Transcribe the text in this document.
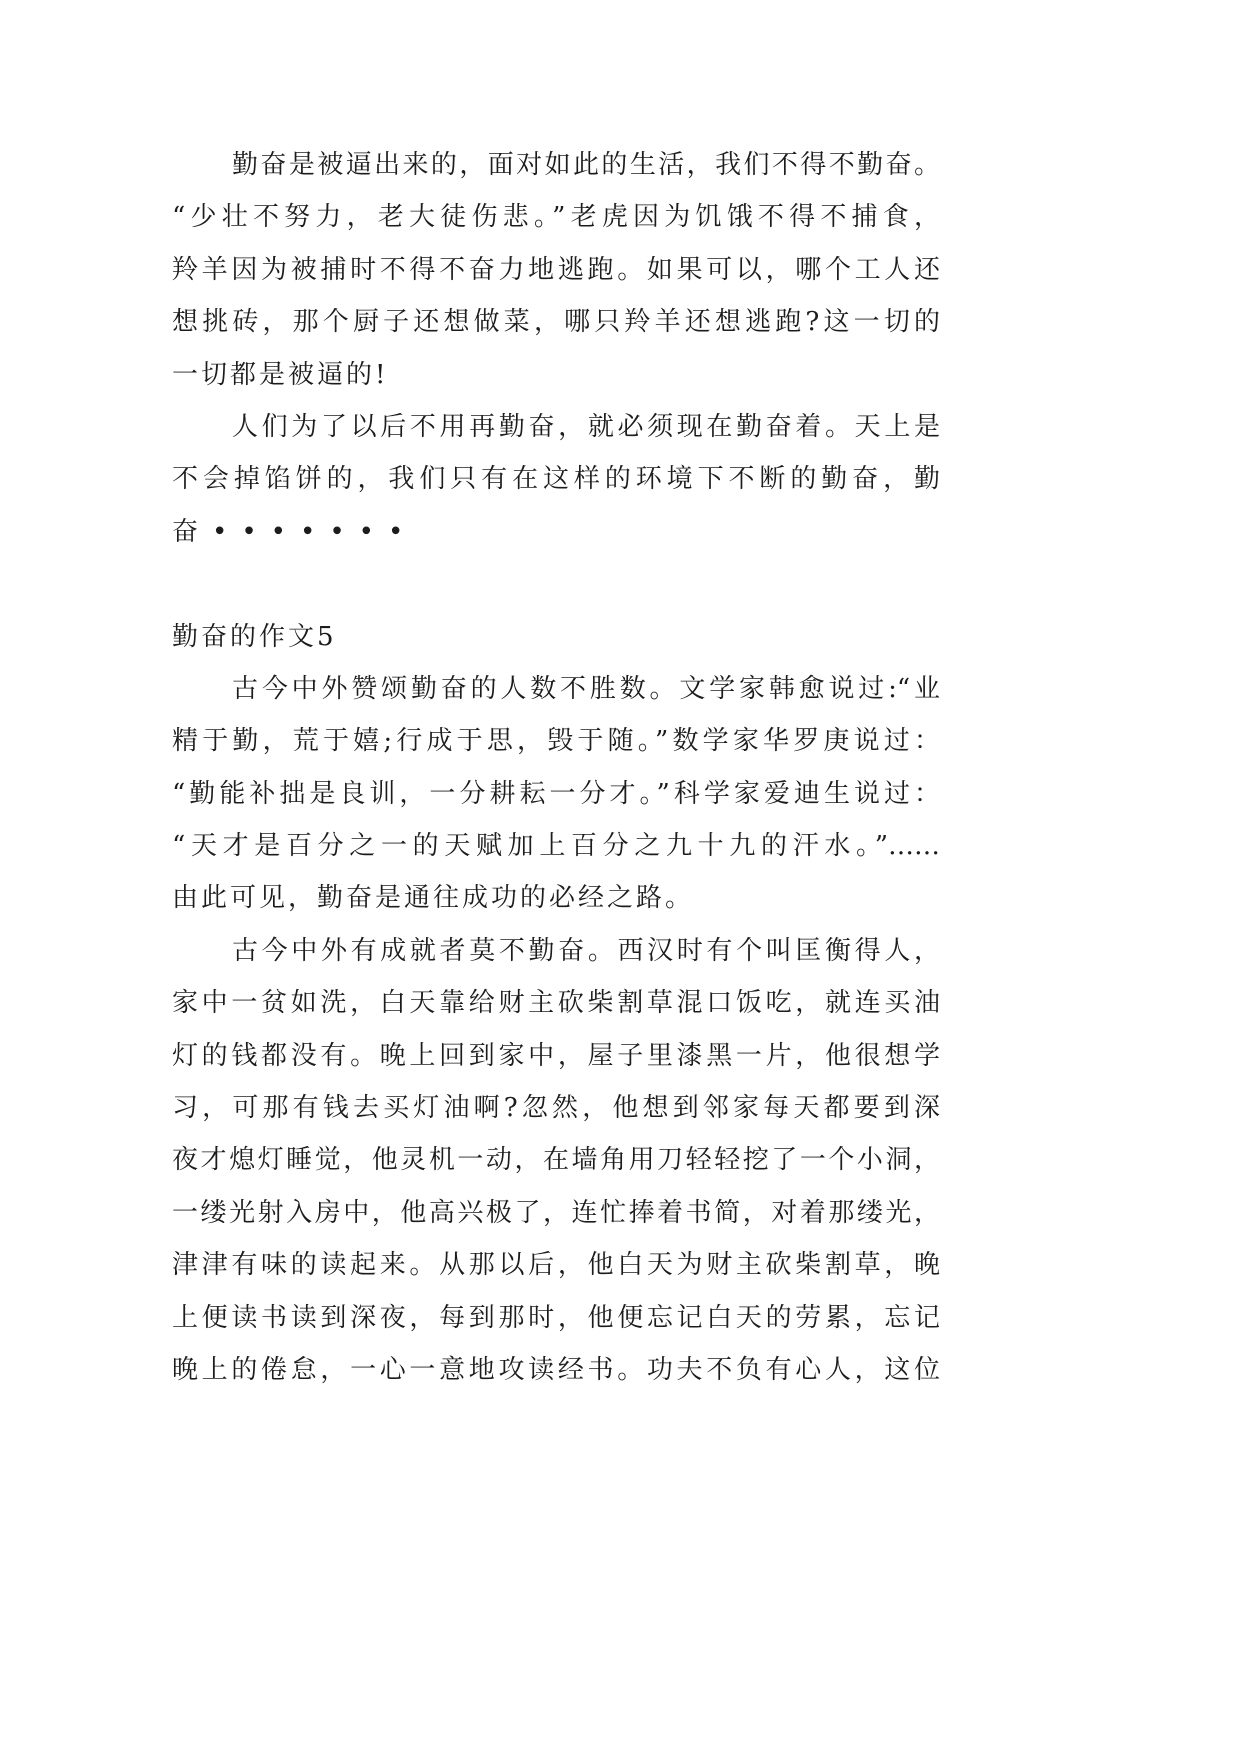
勤奋是被逼出来的，面对如此的生活，我们不得不勤奋。
“少壮不努力，老大徒伤悲。”老虎因为饥饿不得不捕食，
羚羊因为被捕时不得不奋力地逃跑。如果可以，哪个工人还
想挑砖，那个厨子还想做菜，哪只羚羊还想逃跑?这一切的
一切都是被逼的!
人们为了以后不用再勤奋，就必须现在勤奋着。天上是
不会掉馅饼的，我们只有在这样的环境下不断的勤奋，勤
奋•••••••
勤奋的作文5
古今中外赞颂勤奋的人数不胜数。文学家韩愈说过:“业
精于勤，荒于嬉;行成于思，毁于随。”数学家华罗庚说过：
“勤能补拙是良训，一分耕耘一分才。”科学家爱迪生说过：
“天才是百分之一的天赋加上百分之九十九的汗水。”……
由此可见，勤奋是通往成功的必经之路。
古今中外有成就者莫不勤奋。西汉时有个叫匡衡得人，
家中一贫如洗，白天靠给财主砍柴割草混口饭吃，就连买油
灯的钱都没有。晚上回到家中，屋子里漆黑一片，他很想学
习，可那有钱去买灯油啊?忽然，他想到邻家每天都要到深
夜才熄灯睡觉，他灵机一动，在墙角用刀轻轻挖了一个小洞，
一缕光射入房中，他高兴极了，连忙捧着书简，对着那缕光，
津津有味的读起来。从那以后，他白天为财主砍柴割草，晚
上便读书读到深夜，每到那时，他便忘记白天的劳累，忘记
晚上的倦怠，一心一意地攻读经书。功夫不负有心人，这位
